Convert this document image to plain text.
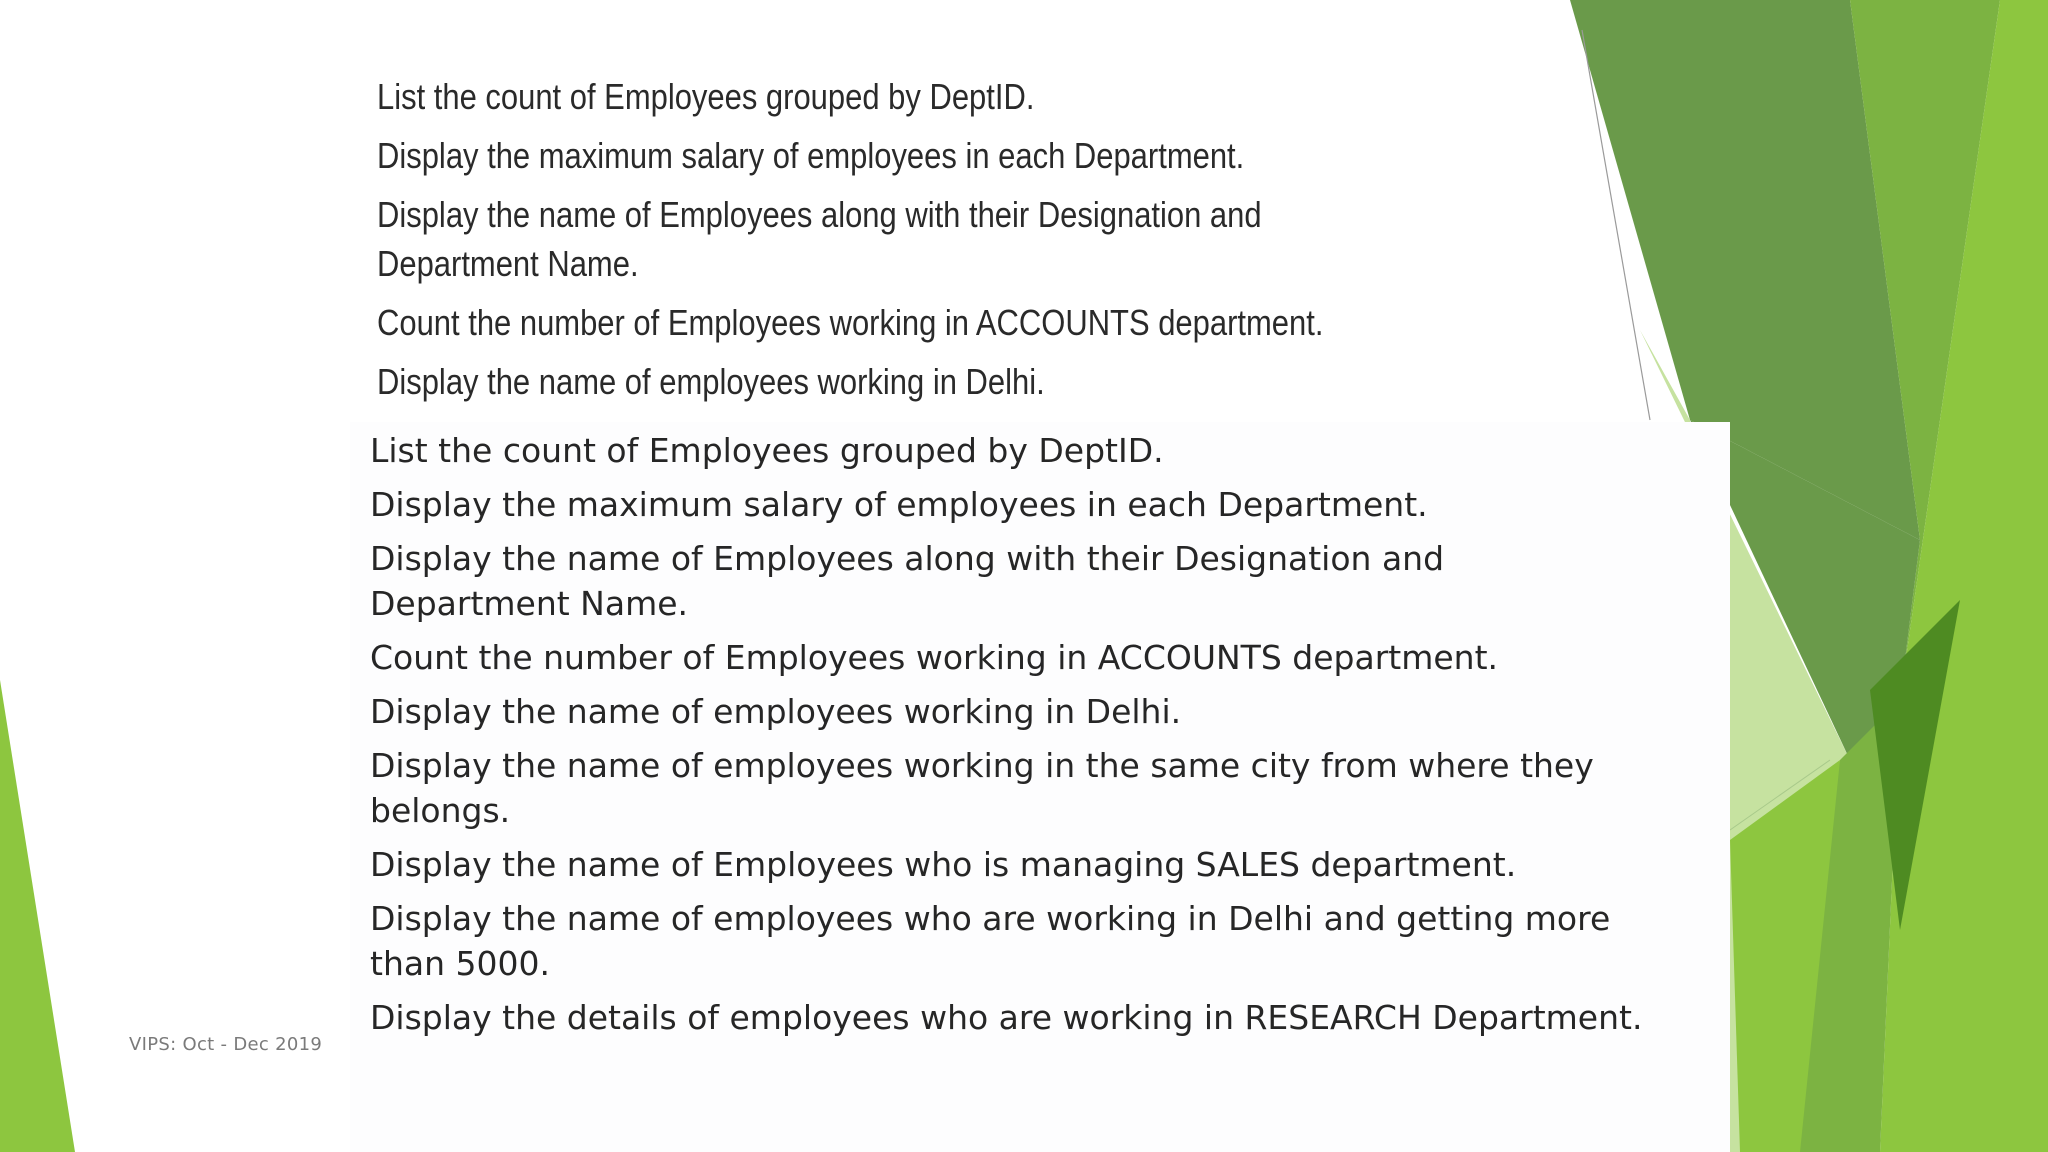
List the count of Employees grouped by DeptID.
Display the maximum salary of employees in each Department.
Display the name of Employees along with their Designation and
Department Name.
Count the number of Employees working in ACCOUNTS department.
Display the name of employees working in Delhi.
List the count of Employees grouped by DeptID.
Display the maximum salary of employees in each Department.
Display the name of Employees along with their Designation and
Department Name.
Count the number of Employees working in ACCOUNTS department.
Display the name of employees working in Delhi.
Display the name of employees working in the same city from where they
belongs.
Display the name of Employees who is managing SALES department.
Display the name of employees who are working in Delhi and getting more
than 5000.
Display the details of employees who are working in RESEARCH Department.
VIPS: Oct - Dec 2019
